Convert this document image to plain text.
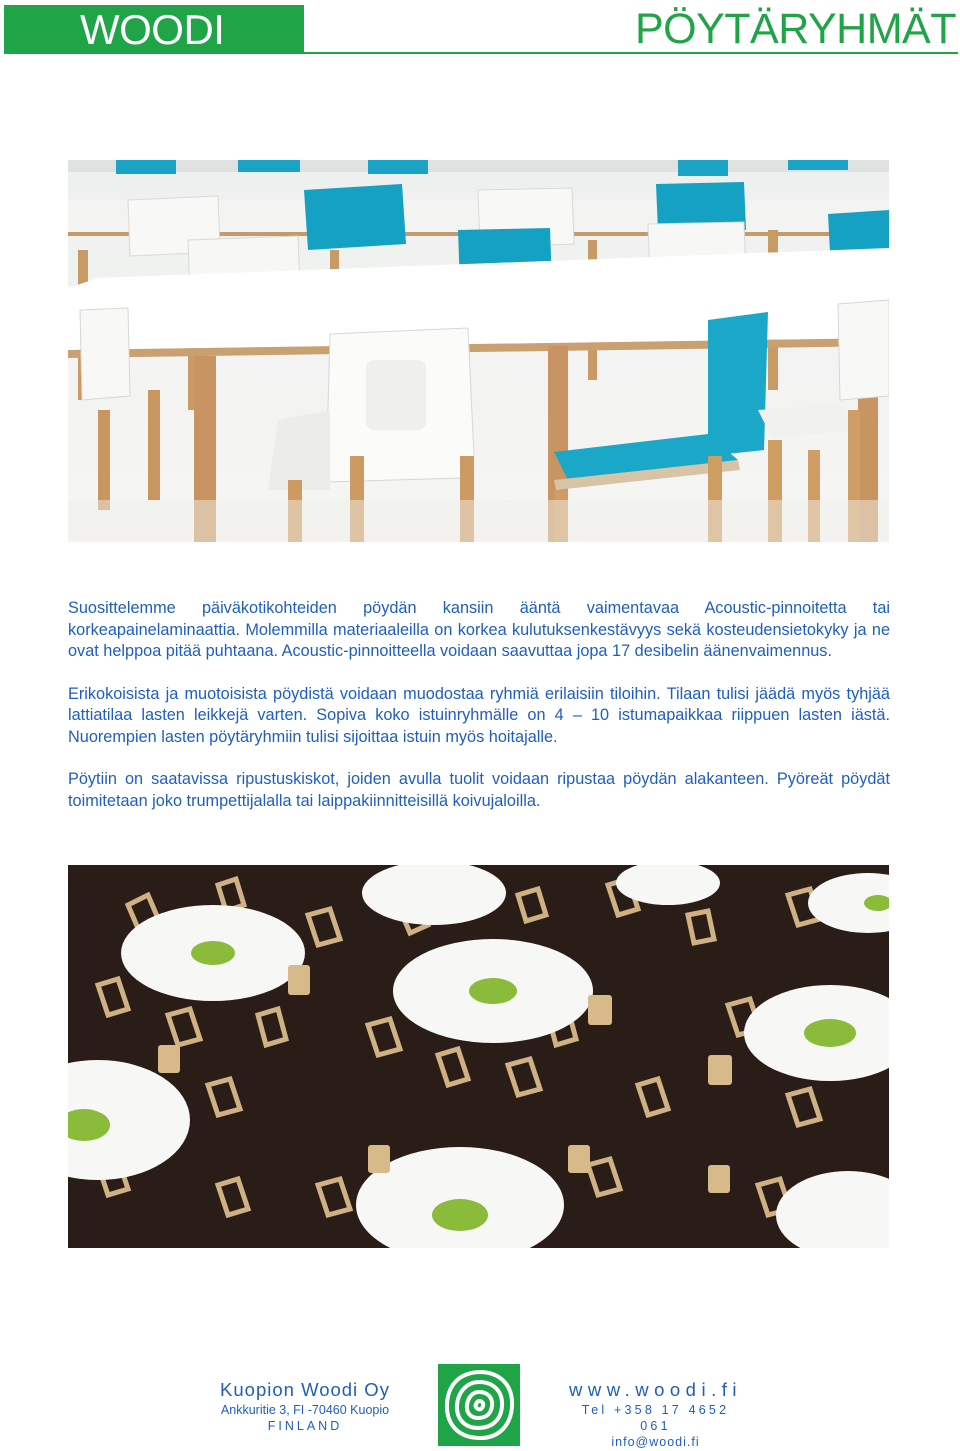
WOODI	PÖYTÄRYHMÄT

Suosittelemme päiväkotikohteiden pöydän kansiin ääntä vaimentavaa Acoustic-pinnoitetta tai korkeapainelaminaattia. Molemmilla materiaaleilla on korkea kulutuksenkestävyys sekä kosteudensietokyky ja ne ovat helppoa pitää puhtaana. Acoustic-pinnoitteella voidaan saavuttaa jopa 17 desibelin äänenvaimennus.

Erikokoisista ja muotoisista pöydistä voidaan muodostaa ryhmiä erilaisiin tiloihin. Tilaan tulisi jäädä myös tyhjää lattiatilaa lasten leikkejä varten. Sopiva koko istuinryhmälle on 4 – 10 istumapaikkaa riippuen lasten iästä. Nuorempien lasten pöytäryhmiin tulisi sijoittaa istuin myös hoitajalle.

Pöytiin on saatavissa ripustuskiskot, joiden avulla tuolit voidaan ripustaa pöydän alakanteen. Pyöreät pöydät toimitetaan joko trumpettijalalla tai laippakiinnitteisillä koivujaloilla.

Kuopion Woodi Oy
Ankkuritie 3, FI -70460 Kuopio
FINLAND
www.woodi.fi
Tel +358 17 4652 061
info@woodi.fi
